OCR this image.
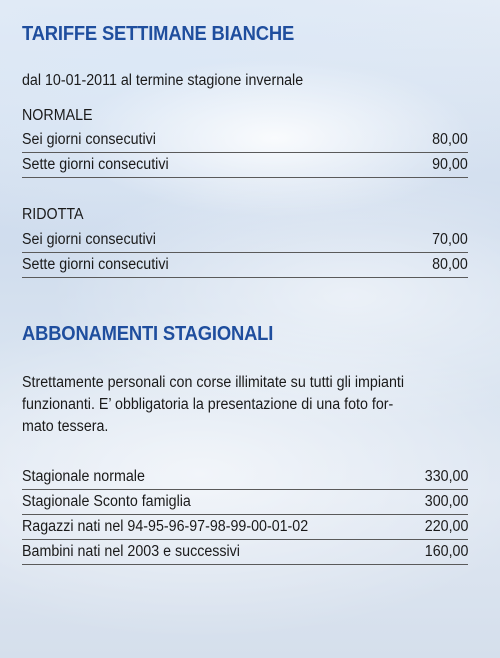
TARIFFE SETTIMANE BIANCHE
dal 10-01-2011 al termine stagione invernale
NORMALE
Sei giorni consecutivi	80,00
Sette giorni consecutivi	90,00
RIDOTTA
Sei giorni consecutivi	70,00
Sette giorni consecutivi	80,00
ABBONAMENTI STAGIONALI
Strettamente personali con corse illimitate su tutti gli impianti
funzionanti. E’ obbligatoria la presentazione di una foto for-
mato tessera.
Stagionale normale	330,00
Stagionale Sconto famiglia	300,00
Ragazzi nati nel 94-95-96-97-98-99-00-01-02	220,00
Bambini nati nel 2003 e successivi	160,00
